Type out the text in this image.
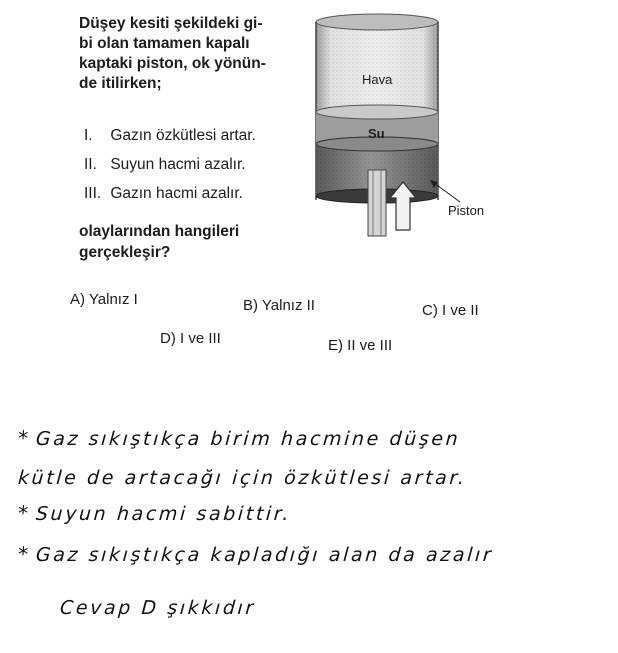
Düşey kesiti şekildeki gi-
bi olan tamamen kapalı
kaptaki piston, ok yönün-
de itilirken;
I. Gazın özkütlesi artar.
II. Suyun hacmi azalır.
III. Gazın hacmi azalır.
olaylarından hangileri
gerçekleşir?
A) Yalnız I	B) Yalnız II	C) I ve II
D) I ve III	E) II ve III
Hava
Su
Piston
* Gaz sıkıştıkça birim hacmine düşen
kütle de artacağı için özkütlesi artar.
* Suyun hacmi sabittir.
* Gaz sıkıştıkça kapladığı alan da azalır
Cevap D şıkkıdır
